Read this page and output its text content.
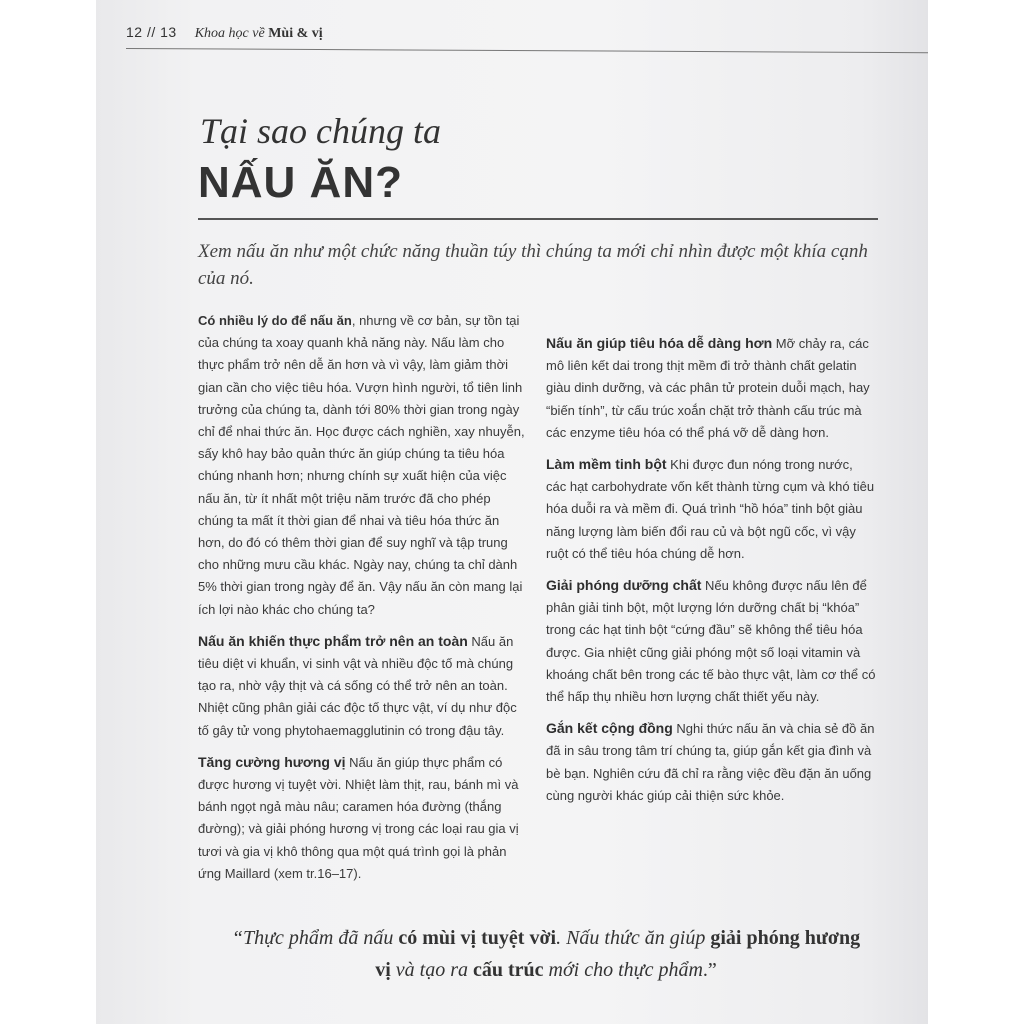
12 // 13 Khoa học về Mùi & vị
Tại sao chúng ta
NẤU ĂN?

Xem nấu ăn như một chức năng thuần túy thì chúng ta mới chỉ nhìn được một khía cạnh của nó.

Có nhiều lý do để nấu ăn, nhưng về cơ bản, sự tồn tại của chúng ta xoay quanh khả năng này. Nấu làm cho thực phẩm trở nên dễ ăn hơn và vì vậy, làm giảm thời gian cần cho việc tiêu hóa. Vượn hình người, tổ tiên linh trưởng của chúng ta, dành tới 80% thời gian trong ngày chỉ để nhai thức ăn. Học được cách nghiền, xay nhuyễn, sấy khô hay bảo quản thức ăn giúp chúng ta tiêu hóa chúng nhanh hơn; nhưng chính sự xuất hiện của việc nấu ăn, từ ít nhất một triệu năm trước đã cho phép chúng ta mất ít thời gian để nhai và tiêu hóa thức ăn hơn, do đó có thêm thời gian để suy nghĩ và tập trung cho những mưu cầu khác. Ngày nay, chúng ta chỉ dành 5% thời gian trong ngày để ăn. Vậy nấu ăn còn mang lại ích lợi nào khác cho chúng ta?

Nấu ăn khiến thực phẩm trở nên an toàn Nấu ăn tiêu diệt vi khuẩn, vi sinh vật và nhiều độc tố mà chúng tạo ra, nhờ vậy thịt và cá sống có thể trở nên an toàn. Nhiệt cũng phân giải các độc tố thực vật, ví dụ như độc tố gây tử vong phytohaemagglutinin có trong đậu tây.

Tăng cường hương vị Nấu ăn giúp thực phẩm có được hương vị tuyệt vời. Nhiệt làm thịt, rau, bánh mì và bánh ngọt ngả màu nâu; caramen hóa đường (thắng đường); và giải phóng hương vị trong các loại rau gia vị tươi và gia vị khô thông qua một quá trình gọi là phản ứng Maillard (xem tr.16–17).

Nấu ăn giúp tiêu hóa dễ dàng hơn Mỡ chảy ra, các mô liên kết dai trong thịt mềm đi trở thành chất gelatin giàu dinh dưỡng, và các phân tử protein duỗi mạch, hay “biến tính”, từ cấu trúc xoắn chặt trở thành cấu trúc mà các enzyme tiêu hóa có thể phá vỡ dễ dàng hơn.

Làm mềm tinh bột Khi được đun nóng trong nước, các hạt carbohydrate vốn kết thành từng cụm và khó tiêu hóa duỗi ra và mềm đi. Quá trình “hồ hóa” tinh bột giàu năng lượng làm biến đổi rau củ và bột ngũ cốc, vì vậy ruột có thể tiêu hóa chúng dễ hơn.

Giải phóng dưỡng chất Nếu không được nấu lên để phân giải tinh bột, một lượng lớn dưỡng chất bị “khóa” trong các hạt tinh bột “cứng đầu” sẽ không thể tiêu hóa được. Gia nhiệt cũng giải phóng một số loại vitamin và khoáng chất bên trong các tế bào thực vật, làm cơ thể có thể hấp thụ nhiều hơn lượng chất thiết yếu này.

Gắn kết cộng đồng Nghi thức nấu ăn và chia sẻ đồ ăn đã in sâu trong tâm trí chúng ta, giúp gắn kết gia đình và bè bạn. Nghiên cứu đã chỉ ra rằng việc đều đặn ăn uống cùng người khác giúp cải thiện sức khỏe.

“Thực phẩm đã nấu có mùi vị tuyệt vời. Nấu thức ăn giúp giải phóng hương vị và tạo ra cấu trúc mới cho thực phẩm.”
